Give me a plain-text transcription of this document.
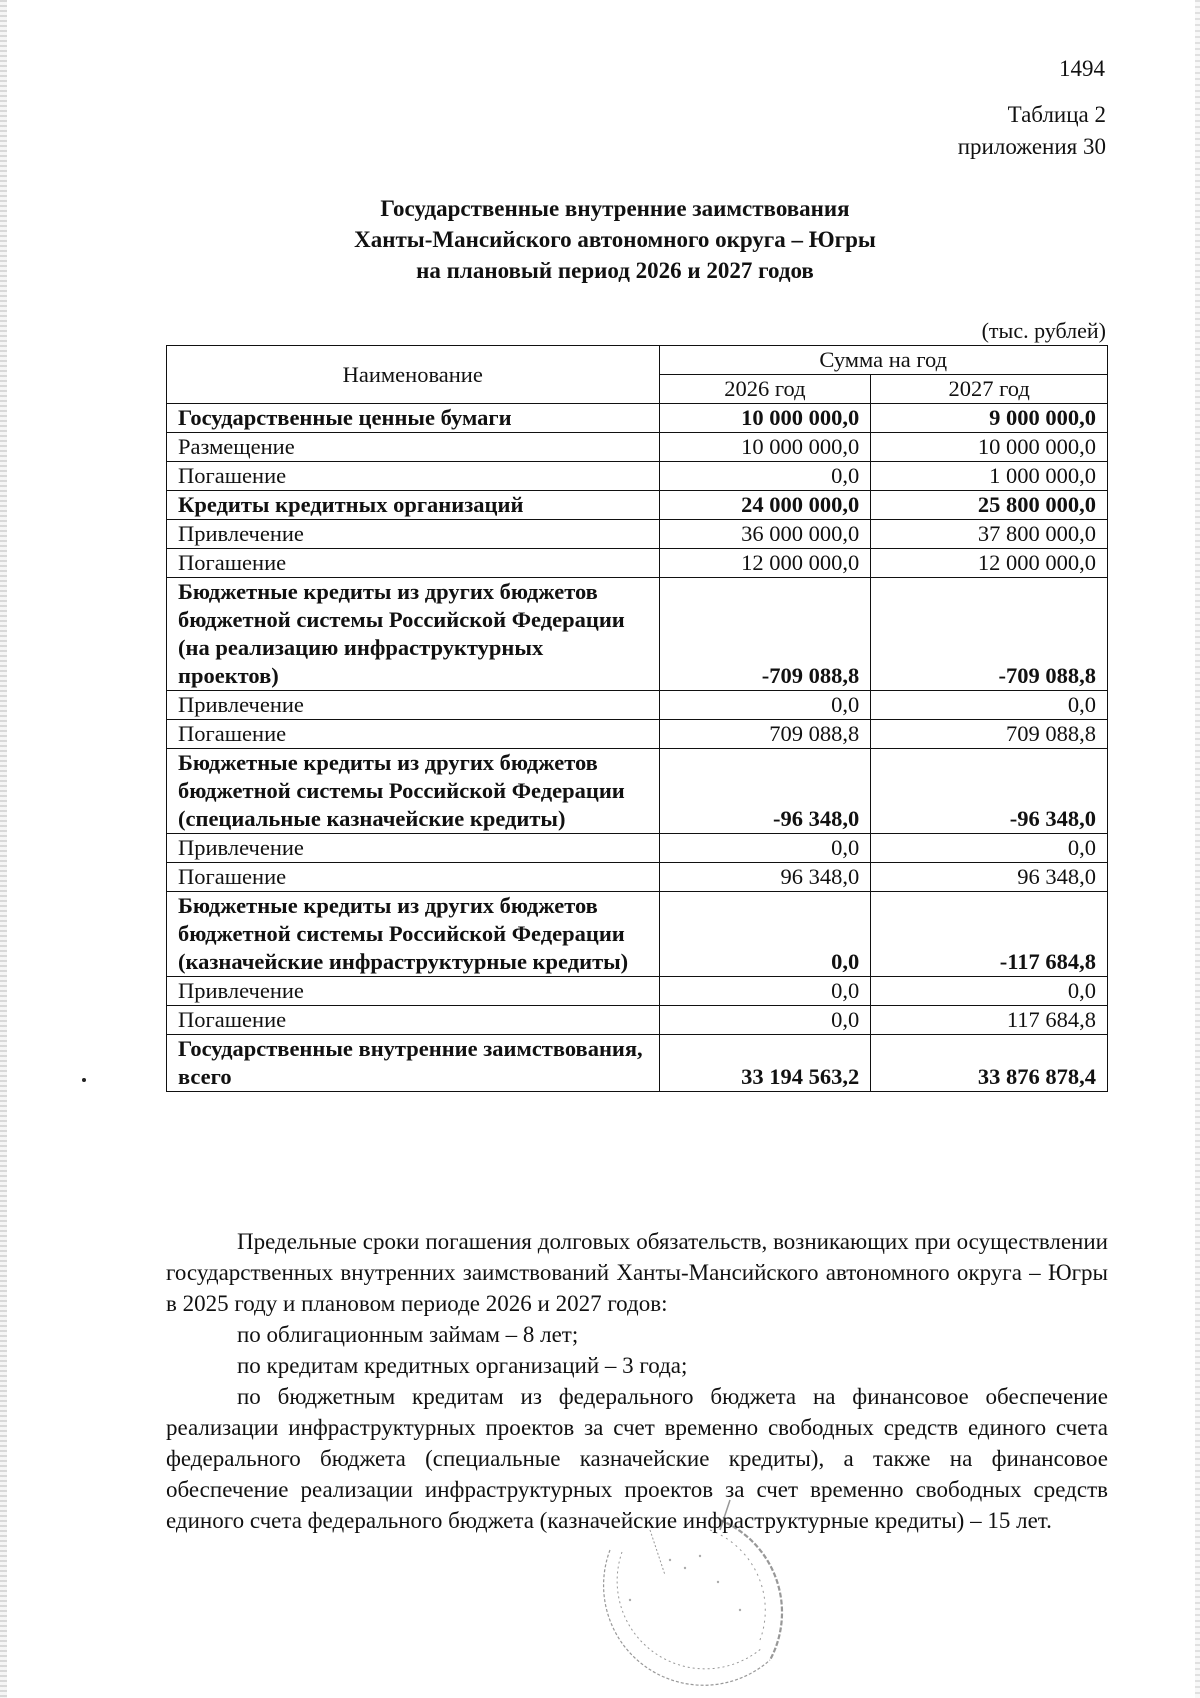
1494
Таблица 2
приложения 30
Государственные внутренние заимствования
Ханты-Мансийского автономного округа – Югры
на плановый период 2026 и 2027 годов
(тыс. рублей)
Наименование	Сумма на год	
	2026 год	2027 год
Государственные ценные бумаги	10 000 000,0	9 000 000,0
Размещение	10 000 000,0	10 000 000,0
Погашение	0,0	1 000 000,0
Кредиты кредитных организаций	24 000 000,0	25 800 000,0
Привлечение	36 000 000,0	37 800 000,0
Погашение	12 000 000,0	12 000 000,0
Бюджетные кредиты из других бюджетов бюджетной системы Российской Федерации (на реализацию инфраструктурных проектов)	-709 088,8	-709 088,8
Привлечение	0,0	0,0
Погашение	709 088,8	709 088,8
Бюджетные кредиты из других бюджетов бюджетной системы Российской Федерации (специальные казначейские кредиты)	-96 348,0	-96 348,0
Привлечение	0,0	0,0
Погашение	96 348,0	96 348,0
Бюджетные кредиты из других бюджетов бюджетной системы Российской Федерации (казначейские инфраструктурные кредиты)	0,0	-117 684,8
Привлечение	0,0	0,0
Погашение	0,0	117 684,8
Государственные внутренние заимствования, всего	33 194 563,2	33 876 878,4

Предельные сроки погашения долговых обязательств, возникающих при осуществлении государственных внутренних заимствований Ханты-Мансийского автономного округа – Югры в 2025 году и плановом периоде 2026 и 2027 годов:

по облигационным займам – 8 лет;

по кредитам кредитных организаций – 3 года;

по бюджетным кредитам из федерального бюджета на финансовое обеспечение реализации инфраструктурных проектов за счет временно свободных средств единого счета федерального бюджета (специальные казначейские кредиты), а также на финансовое обеспечение реализации инфраструктурных проектов за счет временно свободных средств единого счета федерального бюджета (казначейские инфраструктурные кредиты) – 15 лет.
